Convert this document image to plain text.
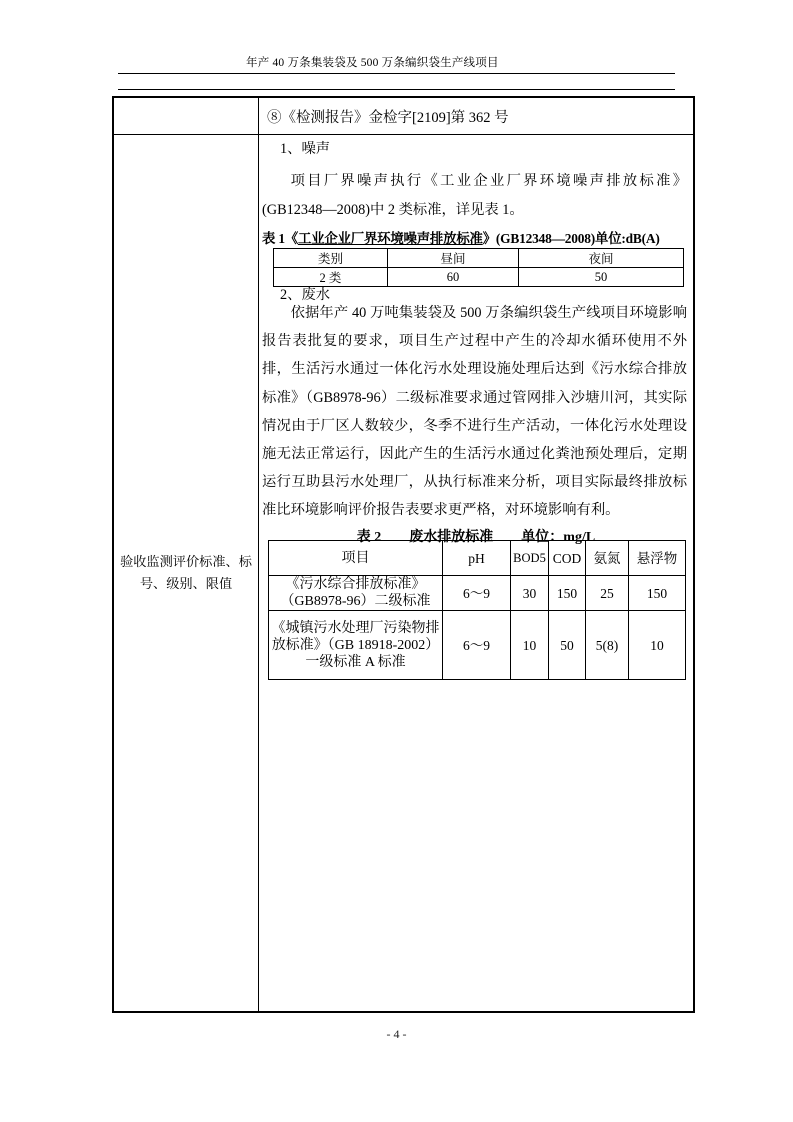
年产 40 万条集装袋及 500 万条编织袋生产线项目
⑧《检测报告》金检字[2109]第 362 号
验收监测评价标准、标
号、级别、限值
1、噪声
项目厂界噪声执行《工业企业厂界环境噪声排放标准》(GB12348—2008)中 2 类标准，详见表 1。
表 1《工业企业厂界环境噪声排放标准》(GB12348—2008)单位:dB(A)
类别	昼间	夜间
2 类	60	50
2、废水
依据年产 40 万吨集装袋及 500 万条编织袋生产线项目环境影响报告表批复的要求，项目生产过程中产生的冷却水循环使用不外排，生活污水通过一体化污水处理设施处理后达到《污水综合排放标准》（GB8978-96）二级标准要求通过管网排入沙塘川河，其实际情况由于厂区人数较少，冬季不进行生产活动，一体化污水处理设施无法正常运行，因此产生的生活污水通过化粪池预处理后，定期运行互助县污水处理厂，从执行标准来分析，项目实际最终排放标准比环境影响评价报告表要求更严格，对环境影响有利。
表 2　　废水排放标准　　单位：mg/L
项目	pH	BOD5	COD	氨氮	悬浮物
《污水综合排放标准》（GB8978-96）二级标准	6～9	30	150	25	150
《城镇污水处理厂污染物排放标准》（GB 18918-2002）一级标准 A 标准	6～9	10	50	5(8)	10
- 4 -
